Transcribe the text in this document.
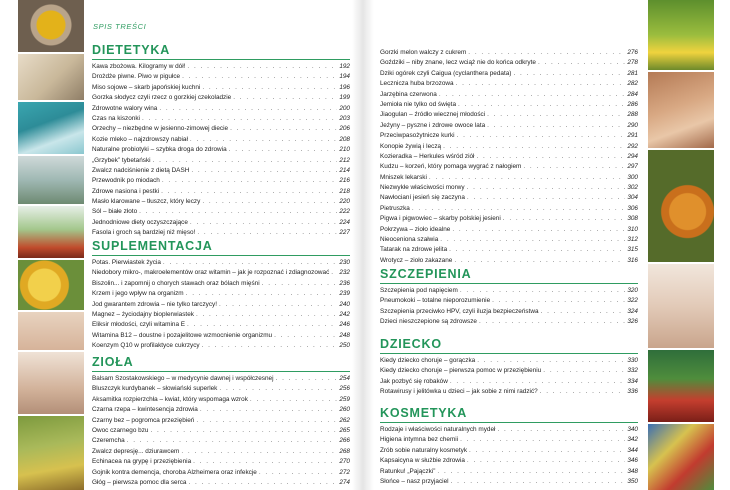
SPIS TREŚCI
DIETETYKA
Kawa zbożowa. Kilogramy w dół! . . .	192
Drożdże piwne. Piwo w pigułce . . .	194
Miso sojowe – skarb japońskiej kuchni . . .	196
Gorzka słodycz czyli rzecz o gorzkiej czekoladzie . . .	199
Zdrowotne walory wina . . .	200
Czas na kiszonki . . .	203
Orzechy – niezbędne w jesienno-zimowej diecie . . .	206
Kozie mleko – najzdrowszy nabiał . . .	208
Naturalne probiotyki – szybka droga do zdrowia . . .	210
„Grzybek” tybetański . . .	212
Zwalcz nadciśnienie z dietą DASH . . .	214
Przewodnik po miodach . . .	216
Zdrowe nasiona i pestki . . .	218
Masło klarowane – tłuszcz, który leczy . . .	220
Sól – białe złoto . . .	222
Jednodniowe diety oczyszczające . . .	224
Fasola i groch są bardziej niż mięso! . . .	227
SUPLEMENTACJA
Potas. Pierwiastek życia . . .	230
Niedobory mikro-, makroelementów oraz witamin – jak je rozpoznać i zdiagnozować . . . 232
Biszolin... i zapomnij o chorych stawach oraz bólach mięśni . . .	236
Krzem i jego wpływ na organizm . . .	239
Jod gwarantem zdrowia – nie tylko tarczycy! . . .	240
Magnez – życiodajny bioplerwiastek . . .	242
Eliksir młodości, czyli witamina E . . .	246
Witamina B12 – doustne i pozajelitowe wzmocnienie organizmu . . .	248
Koenzym Q10 w profilaktyce cukrzycy . . .	250
ZIOŁA
Balsam Szostakowskiego – w medycynie dawnej i współczesnej . . .	254
Bluszczyk kurdybanek – słowiański superlek . . .	256
Aksamitka rozpierzchła – kwiat, który wspomaga wzrok . . .	259
Czarna rzepa – kwintesencja zdrowia . . .	260
Czarny bez – pogromca przeziębień . . .	262
Owoc czarnego bzu . . .	265
Czeremcha . . .	266
Zwalcz depresję... dziurawcem . . .	268
Echinacea na grypę i przeziębienia . . .	270
Gojnik kontra demencja, choroba Alzheimera oraz infekcje . . .	272
Głóg – pierwsza pomoc dla serca . . .	274
Gorzki melon walczy z cukrem . . .	276
Goździki – niby znane, lecz wciąż nie do końca odkryte . . .	278
Dziki ogórek czyli Caigua (cyclanthera pedata) . . .	281
Lecznicza huba brzozowa . . .	282
Jarzębina czerwona . . .	284
Jemioła nie tylko od święta . . .	286
Jiaogulan – źródło wiecznej młodości . . .	288
Jeżyny – pyszne i zdrowe owoce lata . . .	290
Przeciwpasożytnicze kurki . . .	291
Konopie żywią i leczą . . .	292
Kozieradka – Herkules wśród ziół . . .	294
Kudzu – korzeń, który pomaga wygrać z nałogiem . . .	297
Mniszek lekarski . . .	300
Niezwykłe właściwości morwy . . .	302
Nawłocianí jesień się zaczyna . . .	304
Pietruszka . . .	306
Pigwa i pigwowiec – skarby polskiej jesieni . . .	308
Pokrzywa – zioło idealne . . .	310
Nieoceniona szałwia . . .	312
Tatarak na zdrowe jelita . . .	315
Wrotycz – zioło zakazane . . .	316
SZCZEPIENIA
Szczepienia pod napięciem . . .	320
Pneumokoki – totalne nieporozumienie . . .	322
Szczepienia przeciwko HPV, czyli iluzja bezpieczeństwa . . .	324
Dzieci nieszczepione są zdrowsze . . .	326
DZIECKO
Kiedy dziecko choruje – gorączka . . .	330
Kiedy dziecko choruje – pierwsza pomoc w przeziębieniu . . .	332
Jak pozbyć się robaków . . .	334
Rotawirusy i jelitówka u dzieci – jak sobie z nimi radzić? . . .	336
KOSMETYKA
Rodzaje i właściwości naturalnych mydeł . . .	340
Higiena intymna bez chemii . . .	342
Zrób sobie naturalny kosmetyk . . .	344
Kapsaicyna w służbie zdrowia . . .	346
Ratunku! „Pajączki” . . .	348
Słońce – nasz przyjaciel . . .	350
